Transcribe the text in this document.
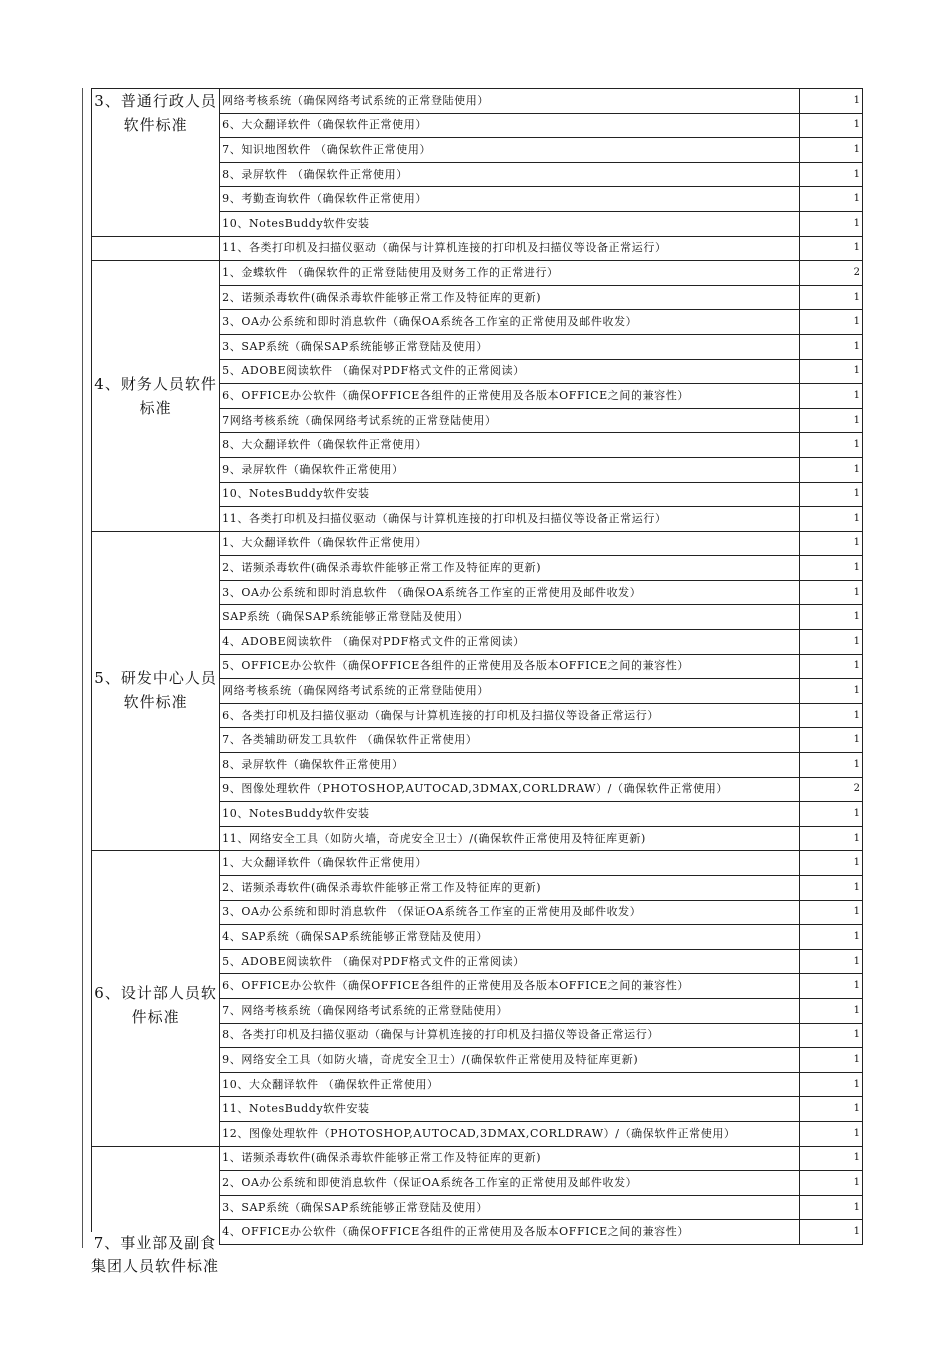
3、普通行政人员软件标准	网络考核系统（确保网络考试系统的正常登陆使用）	1
	6、大众翻译软件（确保软件正常使用）	1
	7、知识地图软件 （确保软件正常使用）	1
	8、录屏软件 （确保软件正常使用）	1
	9、考勤查询软件（确保软件正常使用）	1
	10、NotesBuddy软件安装	1

	11、各类打印机及扫描仪驱动（确保与计算机连接的打印机及扫描仪等设备正常运行）	1

4、财务人员软件标准	1、金蝶软件 （确保软件的正常登陆使用及财务工作的正常进行）	2
	2、诺频杀毒软件(确保杀毒软件能够正常工作及特征库的更新)	1
	3、OA办公系统和即时消息软件（确保OA系统各工作室的正常使用及邮件收发）	1
	3、SAP系统（确保SAP系统能够正常登陆及使用）	1
	5、ADOBE阅读软件 （确保对PDF格式文件的正常阅读）	1
	6、OFFICE办公软件（确保OFFICE各组件的正常使用及各版本OFFICE之间的兼容性）	1
	7网络考核系统（确保网络考试系统的正常登陆使用）	1
	8、大众翻译软件（确保软件正常使用）	1
	9、录屏软件（确保软件正常使用）	1
	10、NotesBuddy软件安装	1
	11、各类打印机及扫描仪驱动（确保与计算机连接的打印机及扫描仪等设备正常运行）	1

5、研发中心人员软件标准	1、大众翻译软件（确保软件正常使用）	1
	2、诺频杀毒软件(确保杀毒软件能够正常工作及特征库的更新)	1
	3、OA办公系统和即时消息软件 （确保OA系统各工作室的正常使用及邮件收发）	1
	SAP系统（确保SAP系统能够正常登陆及使用）	1
	4、ADOBE阅读软件 （确保对PDF格式文件的正常阅读）	1
	5、OFFICE办公软件（确保OFFICE各组件的正常使用及各版本OFFICE之间的兼容性）	1
	网络考核系统（确保网络考试系统的正常登陆使用）	1
	6、各类打印机及扫描仪驱动（确保与计算机连接的打印机及扫描仪等设备正常运行）	1
	7、各类辅助研发工具软件 （确保软件正常使用）	1
	8、录屏软件（确保软件正常使用）	1
	9、图像处理软件（PHOTOSHOP,AUTOCAD,3DMAX,CORLDRAW）/（确保软件正常使用）	2
	10、NotesBuddy软件安装	1
	11、网络安全工具（如防火墙，奇虎安全卫士）/(确保软件正常使用及特征库更新)	1

6、设计部人员软件标准	1、大众翻译软件（确保软件正常使用）	1
	2、诺频杀毒软件(确保杀毒软件能够正常工作及特征库的更新)	1
	3、OA办公系统和即时消息软件 （保证OA系统各工作室的正常使用及邮件收发）	1
	4、SAP系统（确保SAP系统能够正常登陆及使用）	1
	5、ADOBE阅读软件 （确保对PDF格式文件的正常阅读）	1
	6、OFFICE办公软件（确保OFFICE各组件的正常使用及各版本OFFICE之间的兼容性）	1
	7、网络考核系统（确保网络考试系统的正常登陆使用）	1
	8、各类打印机及扫描仪驱动（确保与计算机连接的打印机及扫描仪等设备正常运行）	1
	9、网络安全工具（如防火墙，奇虎安全卫士）/(确保软件正常使用及特征库更新)	1
	10、大众翻译软件 （确保软件正常使用）	1
	11、NotesBuddy软件安装	1
	12、图像处理软件（PHOTOSHOP,AUTOCAD,3DMAX,CORLDRAW）/（确保软件正常使用）	1

	1、诺频杀毒软件(确保杀毒软件能够正常工作及特征库的更新)	1
	2、OA办公系统和即使消息软件（保证OA系统各工作室的正常使用及邮件收发）	1
	3、SAP系统（确保SAP系统能够正常登陆及使用）	1
	4、OFFICE办公软件（确保OFFICE各组件的正常使用及各版本OFFICE之间的兼容性）	1
7、事业部及副食集团人员软件标准
